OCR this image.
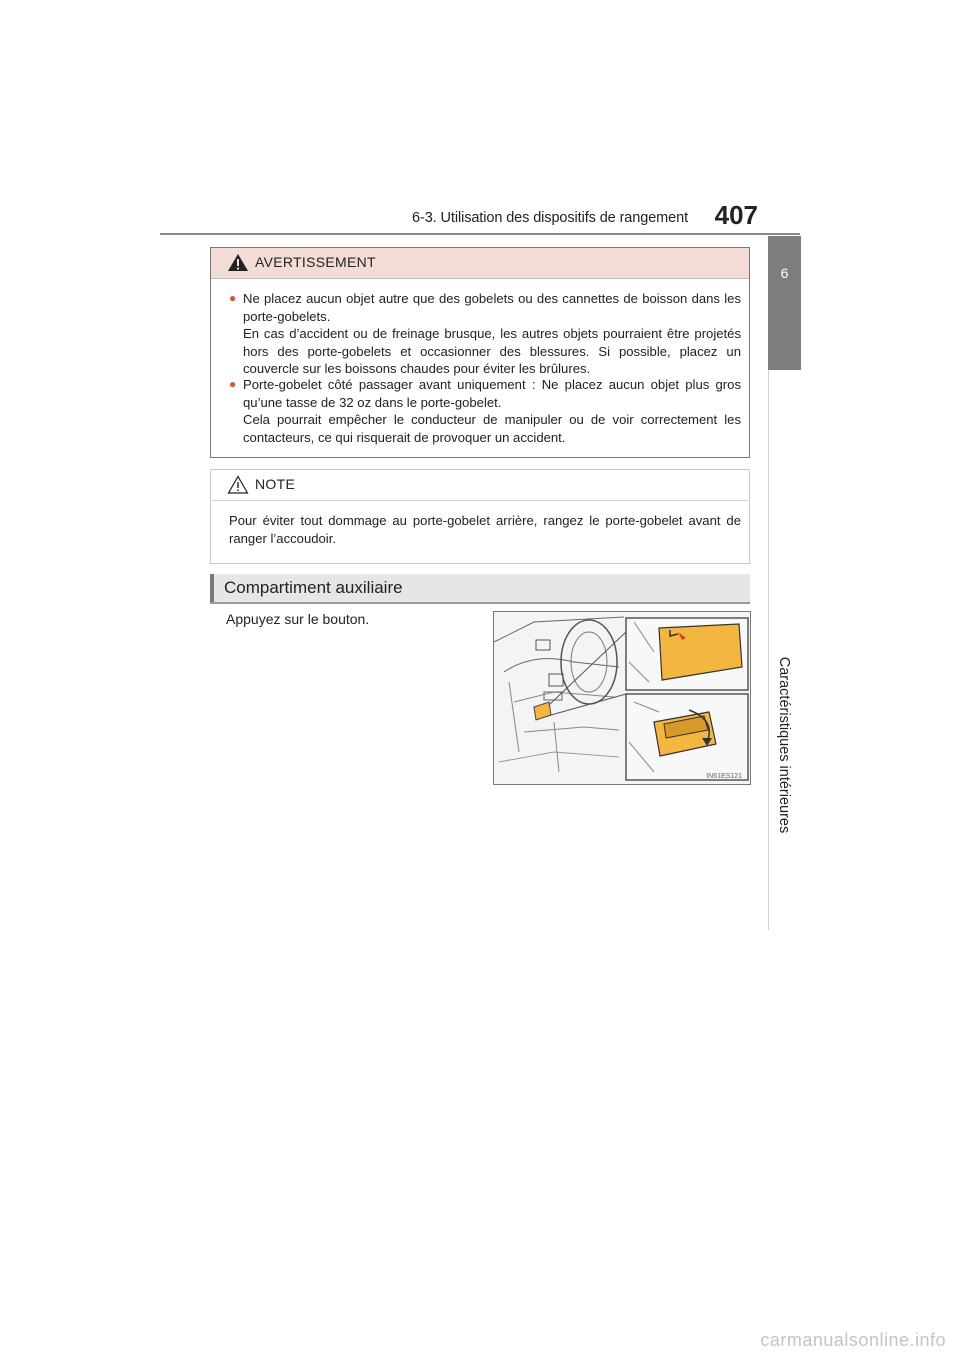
6-3. Utilisation des dispositifs de rangement 407
6
Caractéristiques intérieures
AVERTISSEMENT
● Ne placez aucun objet autre que des gobelets ou des cannettes de boisson dans les porte-gobelets.
En cas d’accident ou de freinage brusque, les autres objets pourraient être projetés hors des porte-gobelets et occasionner des blessures. Si possible, placez un couvercle sur les boissons chaudes pour éviter les brûlures.
● Porte-gobelet côté passager avant uniquement : Ne placez aucun objet plus gros qu’une tasse de 32 oz dans le porte-gobelet.
Cela pourrait empêcher le conducteur de manipuler ou de voir correctement les contacteurs, ce qui risquerait de provoquer un accident.
NOTE
Pour éviter tout dommage au porte-gobelet arrière, rangez le porte-gobelet avant de ranger l’accoudoir.
Compartiment auxiliaire
Appuyez sur le bouton.
IN61ES121
carmanualsonline.info
